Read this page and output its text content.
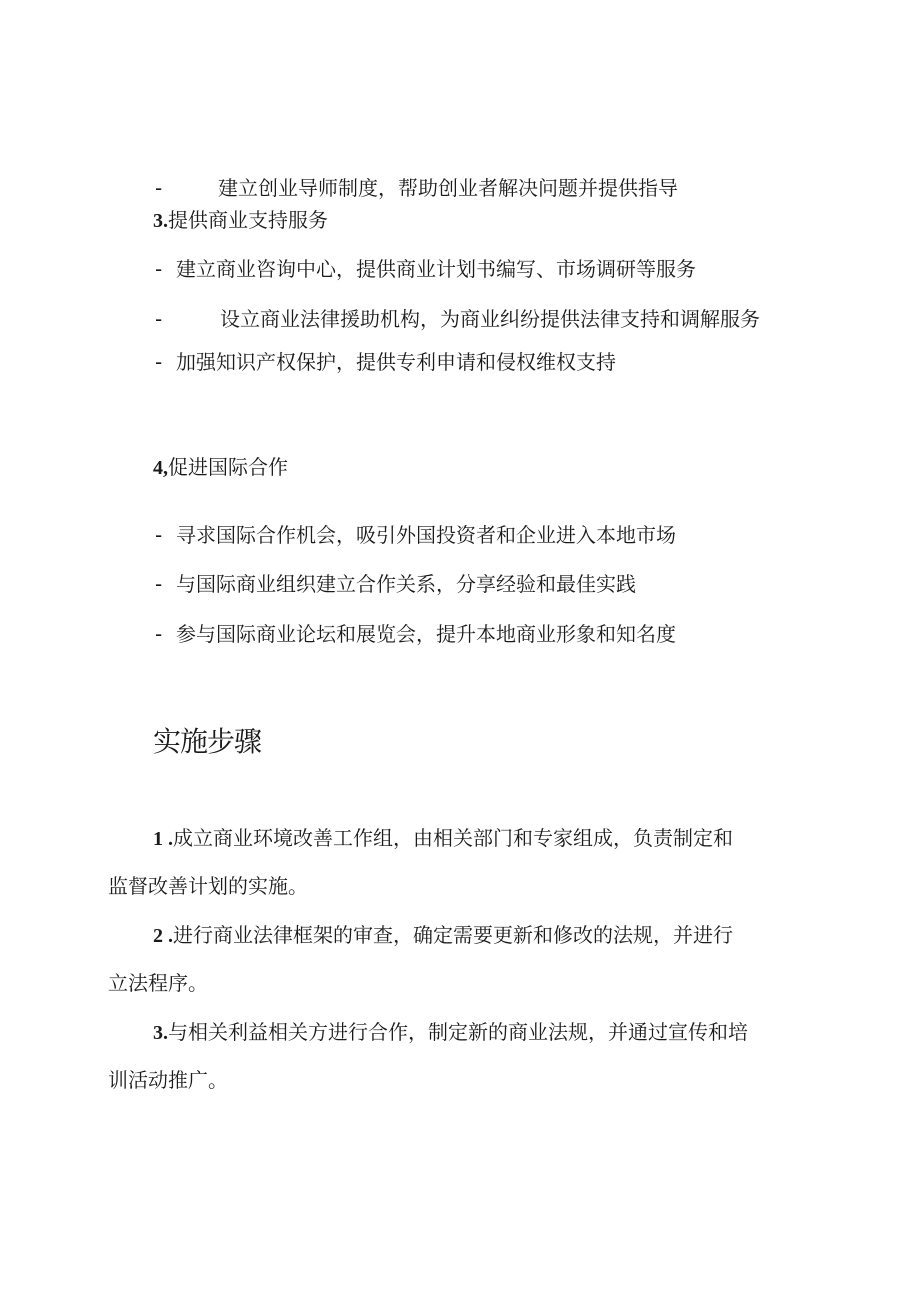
-	建立创业导师制度，帮助创业者解决问题并提供指导
3.提供商业支持服务
- 建立商业咨询中心，提供商业计划书编写、市场调研等服务
-	设立商业法律援助机构，为商业纠纷提供法律支持和调解服务
- 加强知识产权保护，提供专利申请和侵权维权支持
4,促进国际合作
- 寻求国际合作机会，吸引外国投资者和企业进入本地市场
- 与国际商业组织建立合作关系，分享经验和最佳实践
- 参与国际商业论坛和展览会，提升本地商业形象和知名度
实施步骤
1 .成立商业环境改善工作组，由相关部门和专家组成，负责制定和
监督改善计划的实施。
2 .进行商业法律框架的审查，确定需要更新和修改的法规，并进行
立法程序。
3.与相关利益相关方进行合作，制定新的商业法规，并通过宣传和培
训活动推广。
